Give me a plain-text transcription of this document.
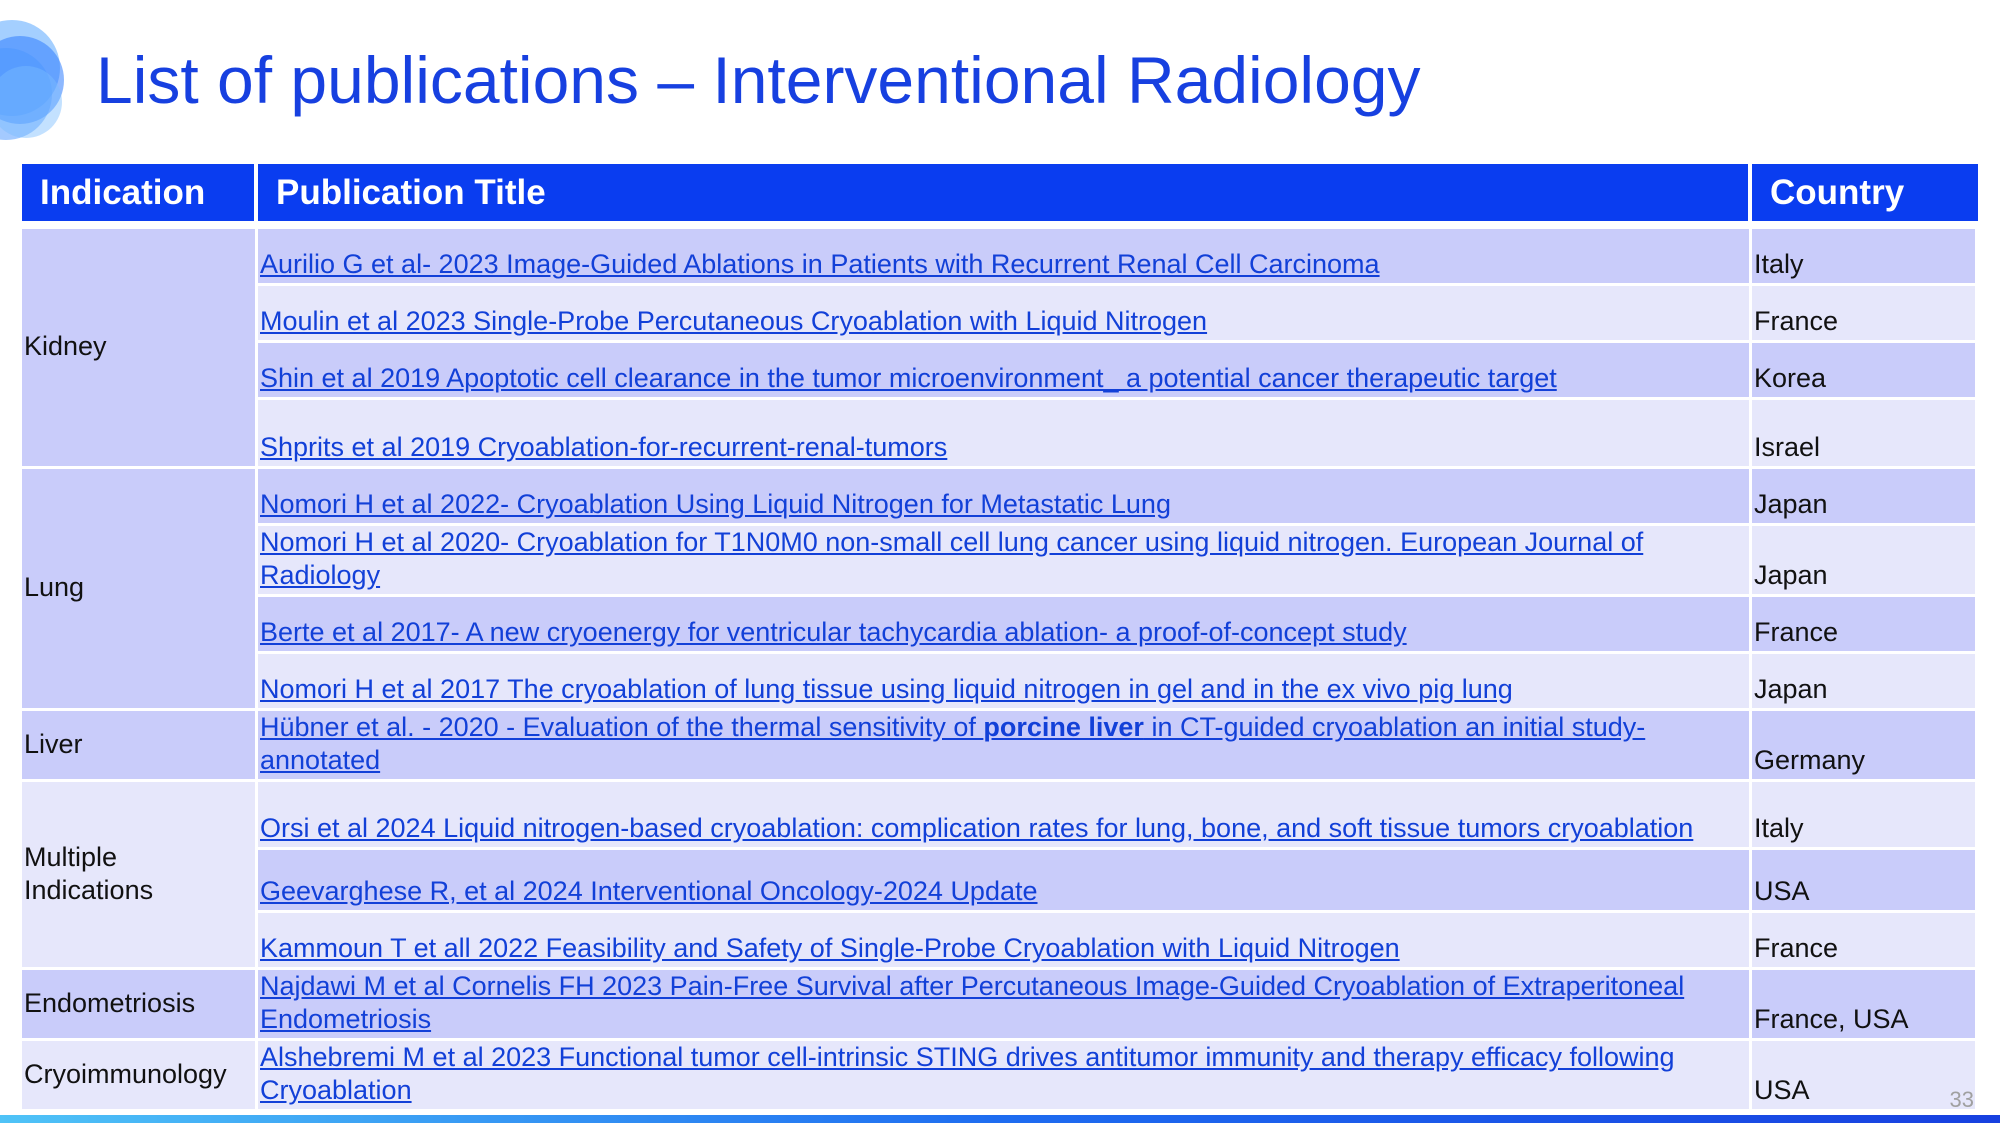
List of publications – Interventional Radiology
Indication	Publication Title	Country
Kidney	Aurilio G et al- 2023 Image-Guided Ablations in Patients with Recurrent Renal Cell Carcinoma	Italy
	Moulin et al 2023 Single-Probe Percutaneous Cryoablation with Liquid Nitrogen	France
	Shin et al 2019 Apoptotic cell clearance in the tumor microenvironment_ a potential cancer therapeutic target	Korea
	Shprits et al 2019 Cryoablation-for-recurrent-renal-tumors	Israel
Lung	Nomori H et al 2022- Cryoablation Using Liquid Nitrogen for Metastatic Lung	Japan
	Nomori H et al 2020- Cryoablation for T1N0M0 non-small cell lung cancer using liquid nitrogen. European Journal of Radiology	Japan
	Berte et al 2017- A new cryoenergy for ventricular tachycardia ablation- a proof-of-concept study	France
	Nomori H et al 2017 The cryoablation of lung tissue using liquid nitrogen in gel and in the ex vivo pig lung	Japan
Liver	Hübner et al. - 2020 - Evaluation of the thermal sensitivity of porcine liver in CT-guided cryoablation an initial study-annotated	Germany
Multiple Indications	Orsi et al 2024 Liquid nitrogen-based cryoablation: complication rates for lung, bone, and soft tissue tumors cryoablation	Italy
	Geevarghese R, et al 2024 Interventional Oncology-2024 Update	USA
	Kammoun T et all 2022 Feasibility and Safety of Single-Probe Cryoablation with Liquid Nitrogen	France
Endometriosis	Najdawi M et al Cornelis FH 2023 Pain-Free Survival after Percutaneous Image-Guided Cryoablation of Extraperitoneal Endometriosis	France, USA
Cryoimmunology	Alshebremi M et al 2023 Functional tumor cell-intrinsic STING drives antitumor immunity and therapy efficacy following Cryoablation	USA	33
